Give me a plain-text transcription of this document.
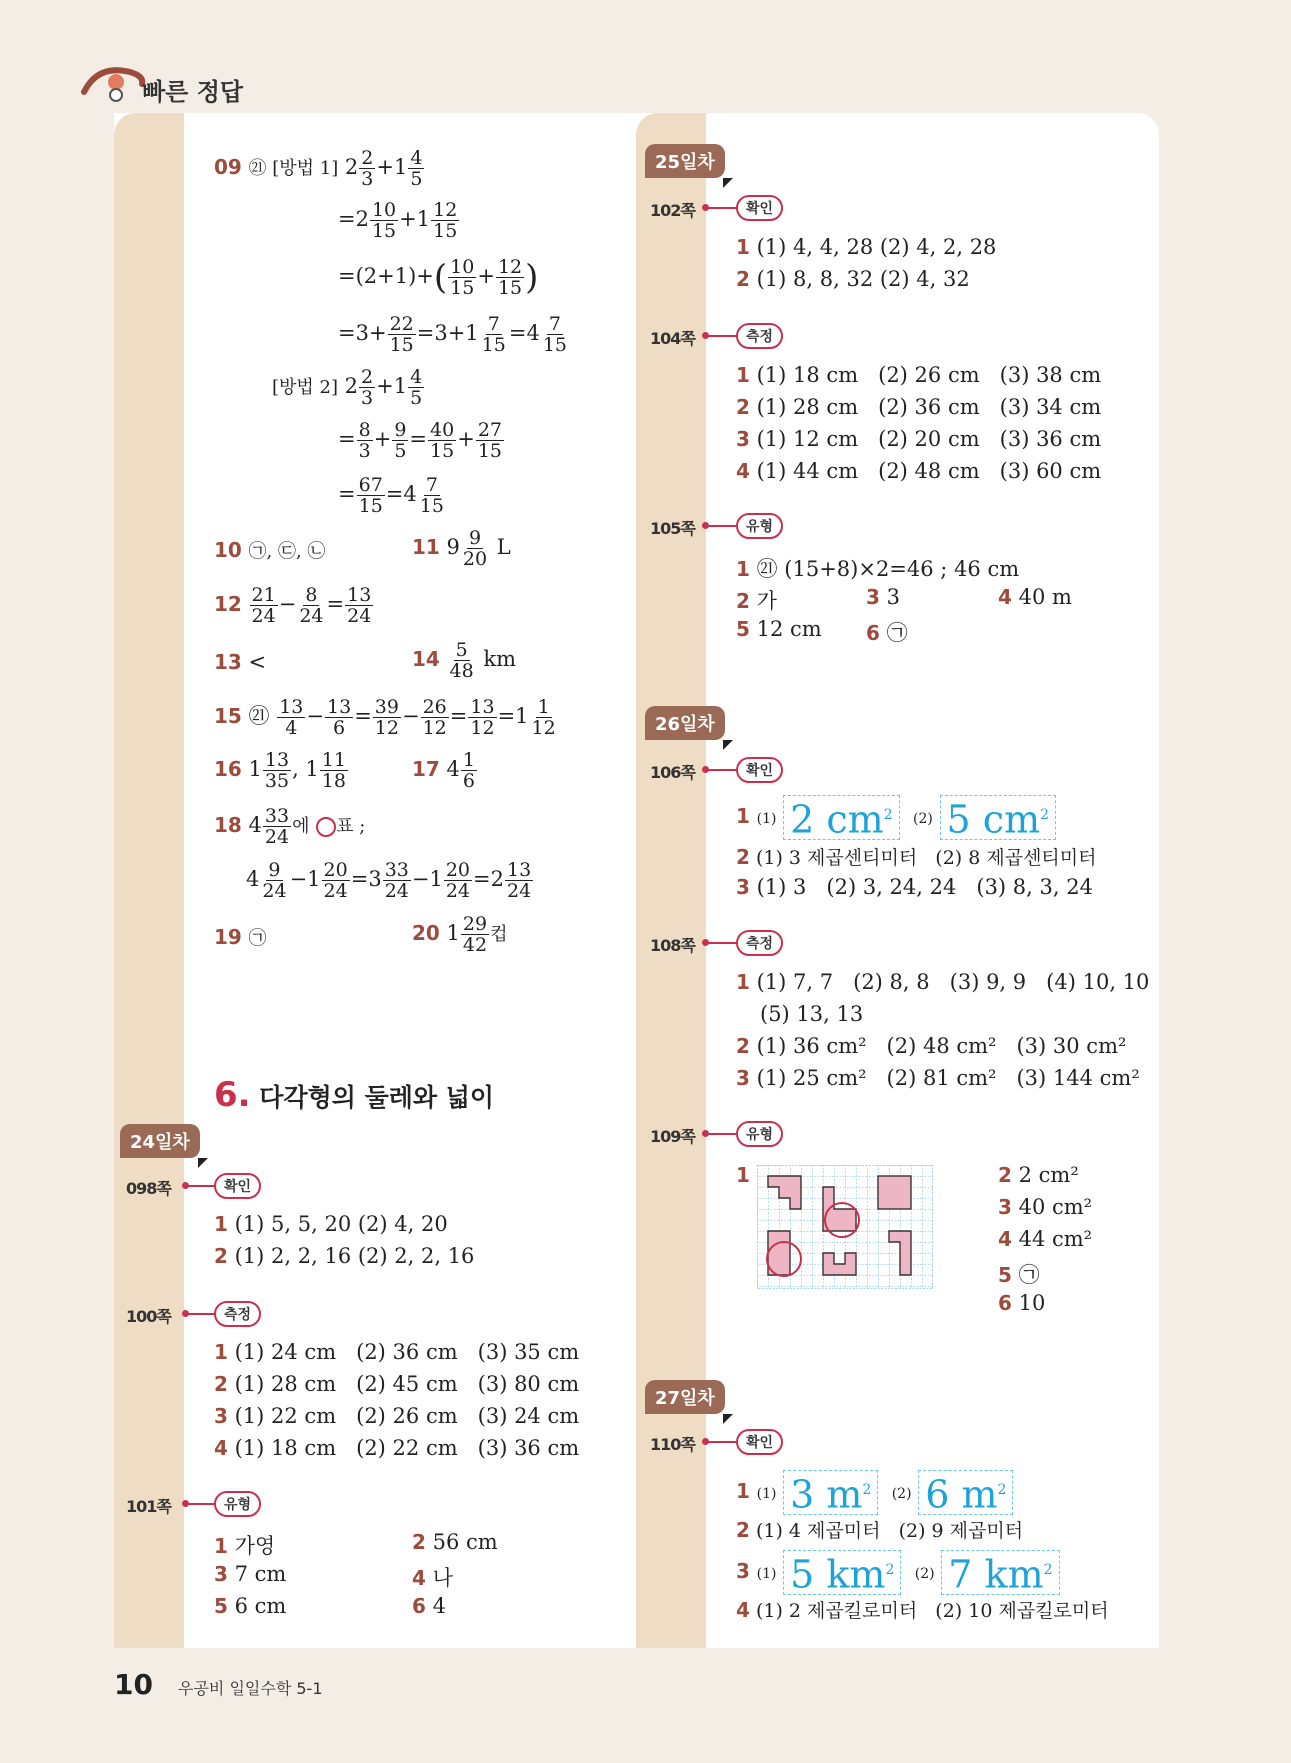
빠른 정답
09 ㉑ [방법 1] $2 \frac{2}{3} +1 \frac{4}{5}$
$=2 \frac{10}{15} +1 \frac{12}{15}$
$=(2+1)+( \frac{10}{15} + \frac{12}{15}$ )
$=3+ \frac{22}{15} =3+1 \frac{7}{15} =4 \frac{7}{15}$
[방법 2] $2 \frac{2}{3} +1 \frac{4}{5}$
= $\frac{8}{3} + \frac{9}{5} = \frac{40}{15} + \frac{27}{15}$
= $\frac{67}{15} =4 \frac{7}{15}$
10 ㉠, ㉢, ㉡	11 $9 \frac{9}{20}$ L
$12 \frac{21}{24} - \frac{8}{24} = \frac{13}{24}$
13 <	$14 \frac{5}{48}$ km
15 ㉑ $\frac{13}{4} - \frac{13}{6} = \frac{39}{12} - \frac{26}{12} = \frac{13}{12} =1 \frac{1}{12}$
16 $1 \frac{13}{35}$ , $1 \frac{11}{18}$	17 $4 \frac{1}{6}$
18 $4 \frac{33}{24}$ 에 ○표 ;
$4 \frac{9}{24} -1 \frac{20}{24} =3 \frac{33}{24} -1 \frac{20}{24} =2 \frac{13}{24}$
19 ㉠	20 $1 \frac{29}{42}$ 컵
6. 다각형의 둘레와 넓이
24일차
098쪽	확인
1 (1) 5, 5, 20 (2) 4, 20
2 (1) 2, 2, 16 (2) 2, 2, 16
100쪽	측정
1 (1) 24 cm   (2) 36 cm   (3) 35 cm
2 (1) 28 cm   (2) 45 cm   (3) 80 cm
3 (1) 22 cm   (2) 26 cm   (3) 24 cm
4 (1) 18 cm   (2) 22 cm   (3) 36 cm
101쪽	유형
1 가영	2 56 cm
3 7 cm	4 나
5 6 cm	6 4
25일차
102쪽	확인
1 (1) 4, 4, 28 (2) 4, 2, 28
2 (1) 8, 8, 32 (2) 4, 32
104쪽	측정
1 (1) 18 cm   (2) 26 cm   (3) 38 cm
2 (1) 28 cm   (2) 36 cm   (3) 34 cm
3 (1) 12 cm   (2) 20 cm   (3) 36 cm
4 (1) 44 cm   (2) 48 cm   (3) 60 cm
105쪽	유형
1 ㉑ (15+8)×2=46 ; 46 cm
2 가	3 3	4 40 m
5 12 cm 6 ㉠
26일차
106쪽	확인
1 (1) 2 $cm^2$ (2) 5 $cm^2$
2 (1) 3 제곱센티미터   (2) 8 제곱센티미터
3 (1) 3   (2) 3, 24, 24   (3) 8, 3, 24
108쪽	측정
1 (1) 7, 7   (2) 8, 8   (3) 9, 9   (4) 10, 10
(5) 13, 13
2 (1) 36 cm²   (2) 48 cm²   (3) 30 cm²
3 (1) 25 cm²   (2) 81 cm²   (3) 144 cm²
109쪽	유형
1	2 2 cm²
3 40 cm²
4 44 cm²
5 ㉠
6 10
27일차
110쪽	확인
1 (1) 3 $m^2$ (2) 6 $m^2$
2 (1) 4 제곱미터   (2) 9 제곱미터
3 (1) 5 $km^2$ (2) 7 $km^2$
4 (1) 2 제곱킬로미터   (2) 10 제곱킬로미터
10 우공비 일일수학 5-1
